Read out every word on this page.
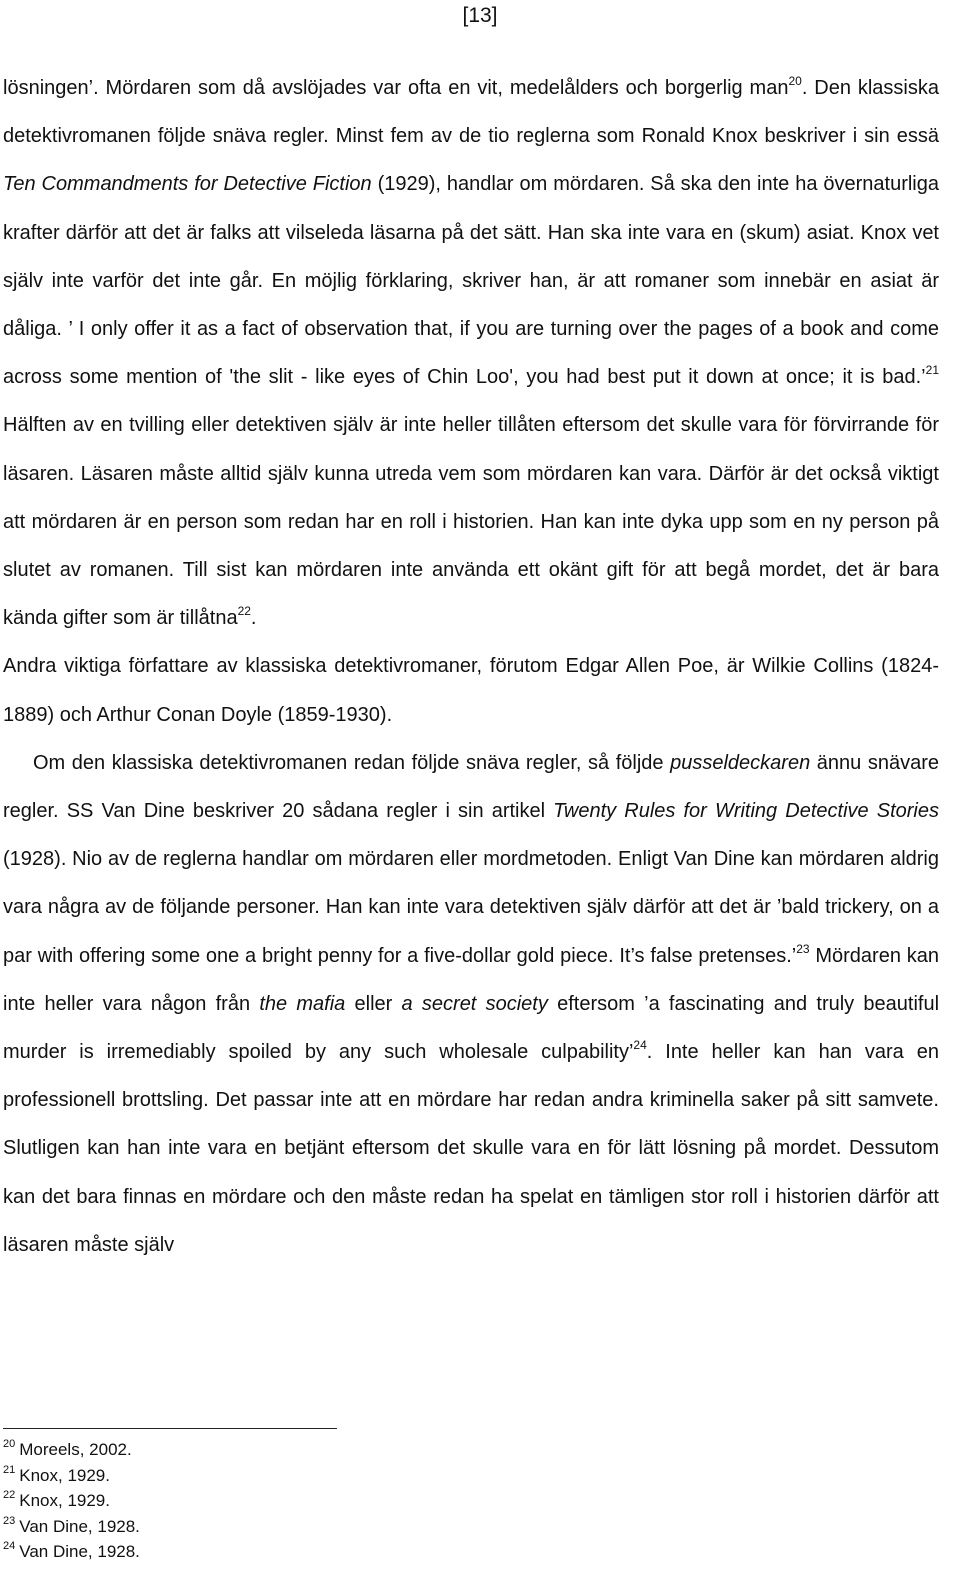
[13]

lösningen’. Mördaren som då avslöjades var ofta en vit, medelålders och borgerlig man$^{20}$. Den klassiska detektivromanen följde snäva regler. Minst fem av de tio reglerna som Ronald Knox beskriver i sin essä Ten Commandments for Detective Fiction (1929), handlar om mördaren. Så ska den inte ha övernaturliga krafter därför att det är falks att vilseleda läsarna på det sätt. Han ska inte vara en (skum) asiat. Knox vet själv inte varför det inte går. En möjlig förklaring, skriver han, är att romaner som innebär en asiat är dåliga. ’ I only offer it as a fact of observation that, if you are turning over the pages of a book and come across some mention of 'the slit - like eyes of Chin Loo', you had best put it down at once; it is bad.’$^{21}$ Hälften av en tvilling eller detektiven själv är inte heller tillåten eftersom det skulle vara för förvirrande för läsaren. Läsaren måste alltid själv kunna utreda vem som mördaren kan vara. Därför är det också viktigt att mördaren är en person som redan har en roll i historien. Han kan inte dyka upp som en ny person på slutet av romanen. Till sist kan mördaren inte använda ett okänt gift för att begå mordet, det är bara kända gifter som är tillåtna$^{22}$.

Andra viktiga författare av klassiska detektivromaner, förutom Edgar Allen Poe, är Wilkie Collins (1824-1889) och Arthur Conan Doyle (1859-1930).

Om den klassiska detektivromanen redan följde snäva regler, så följde pusseldeckaren ännu snävare regler. SS Van Dine beskriver 20 sådana regler i sin artikel Twenty Rules for Writing Detective Stories (1928). Nio av de reglerna handlar om mördaren eller mordmetoden. Enligt Van Dine kan mördaren aldrig vara några av de följande personer. Han kan inte vara detektiven själv därför att det är ’bald trickery, on a par with offering some one a bright penny for a five-dollar gold piece. It’s false pretenses.’$^{23}$ Mördaren kan inte heller vara någon från the mafia eller a secret society eftersom ’a fascinating and truly beautiful murder is irremediably spoiled by any such wholesale culpability’$^{24}$. Inte heller kan han vara en professionell brottsling. Det passar inte att en mördare har redan andra kriminella saker på sitt samvete. Slutligen kan han inte vara en betjänt eftersom det skulle vara en för lätt lösning på mordet. Dessutom kan det bara finnas en mördare och den måste redan ha spelat en tämligen stor roll i historien därför att läsaren måste själv

$^{20}$ Moreels, 2002.
$^{21}$ Knox, 1929.
$^{22}$ Knox, 1929.
$^{23}$ Van Dine, 1928.
$^{24}$ Van Dine, 1928.
